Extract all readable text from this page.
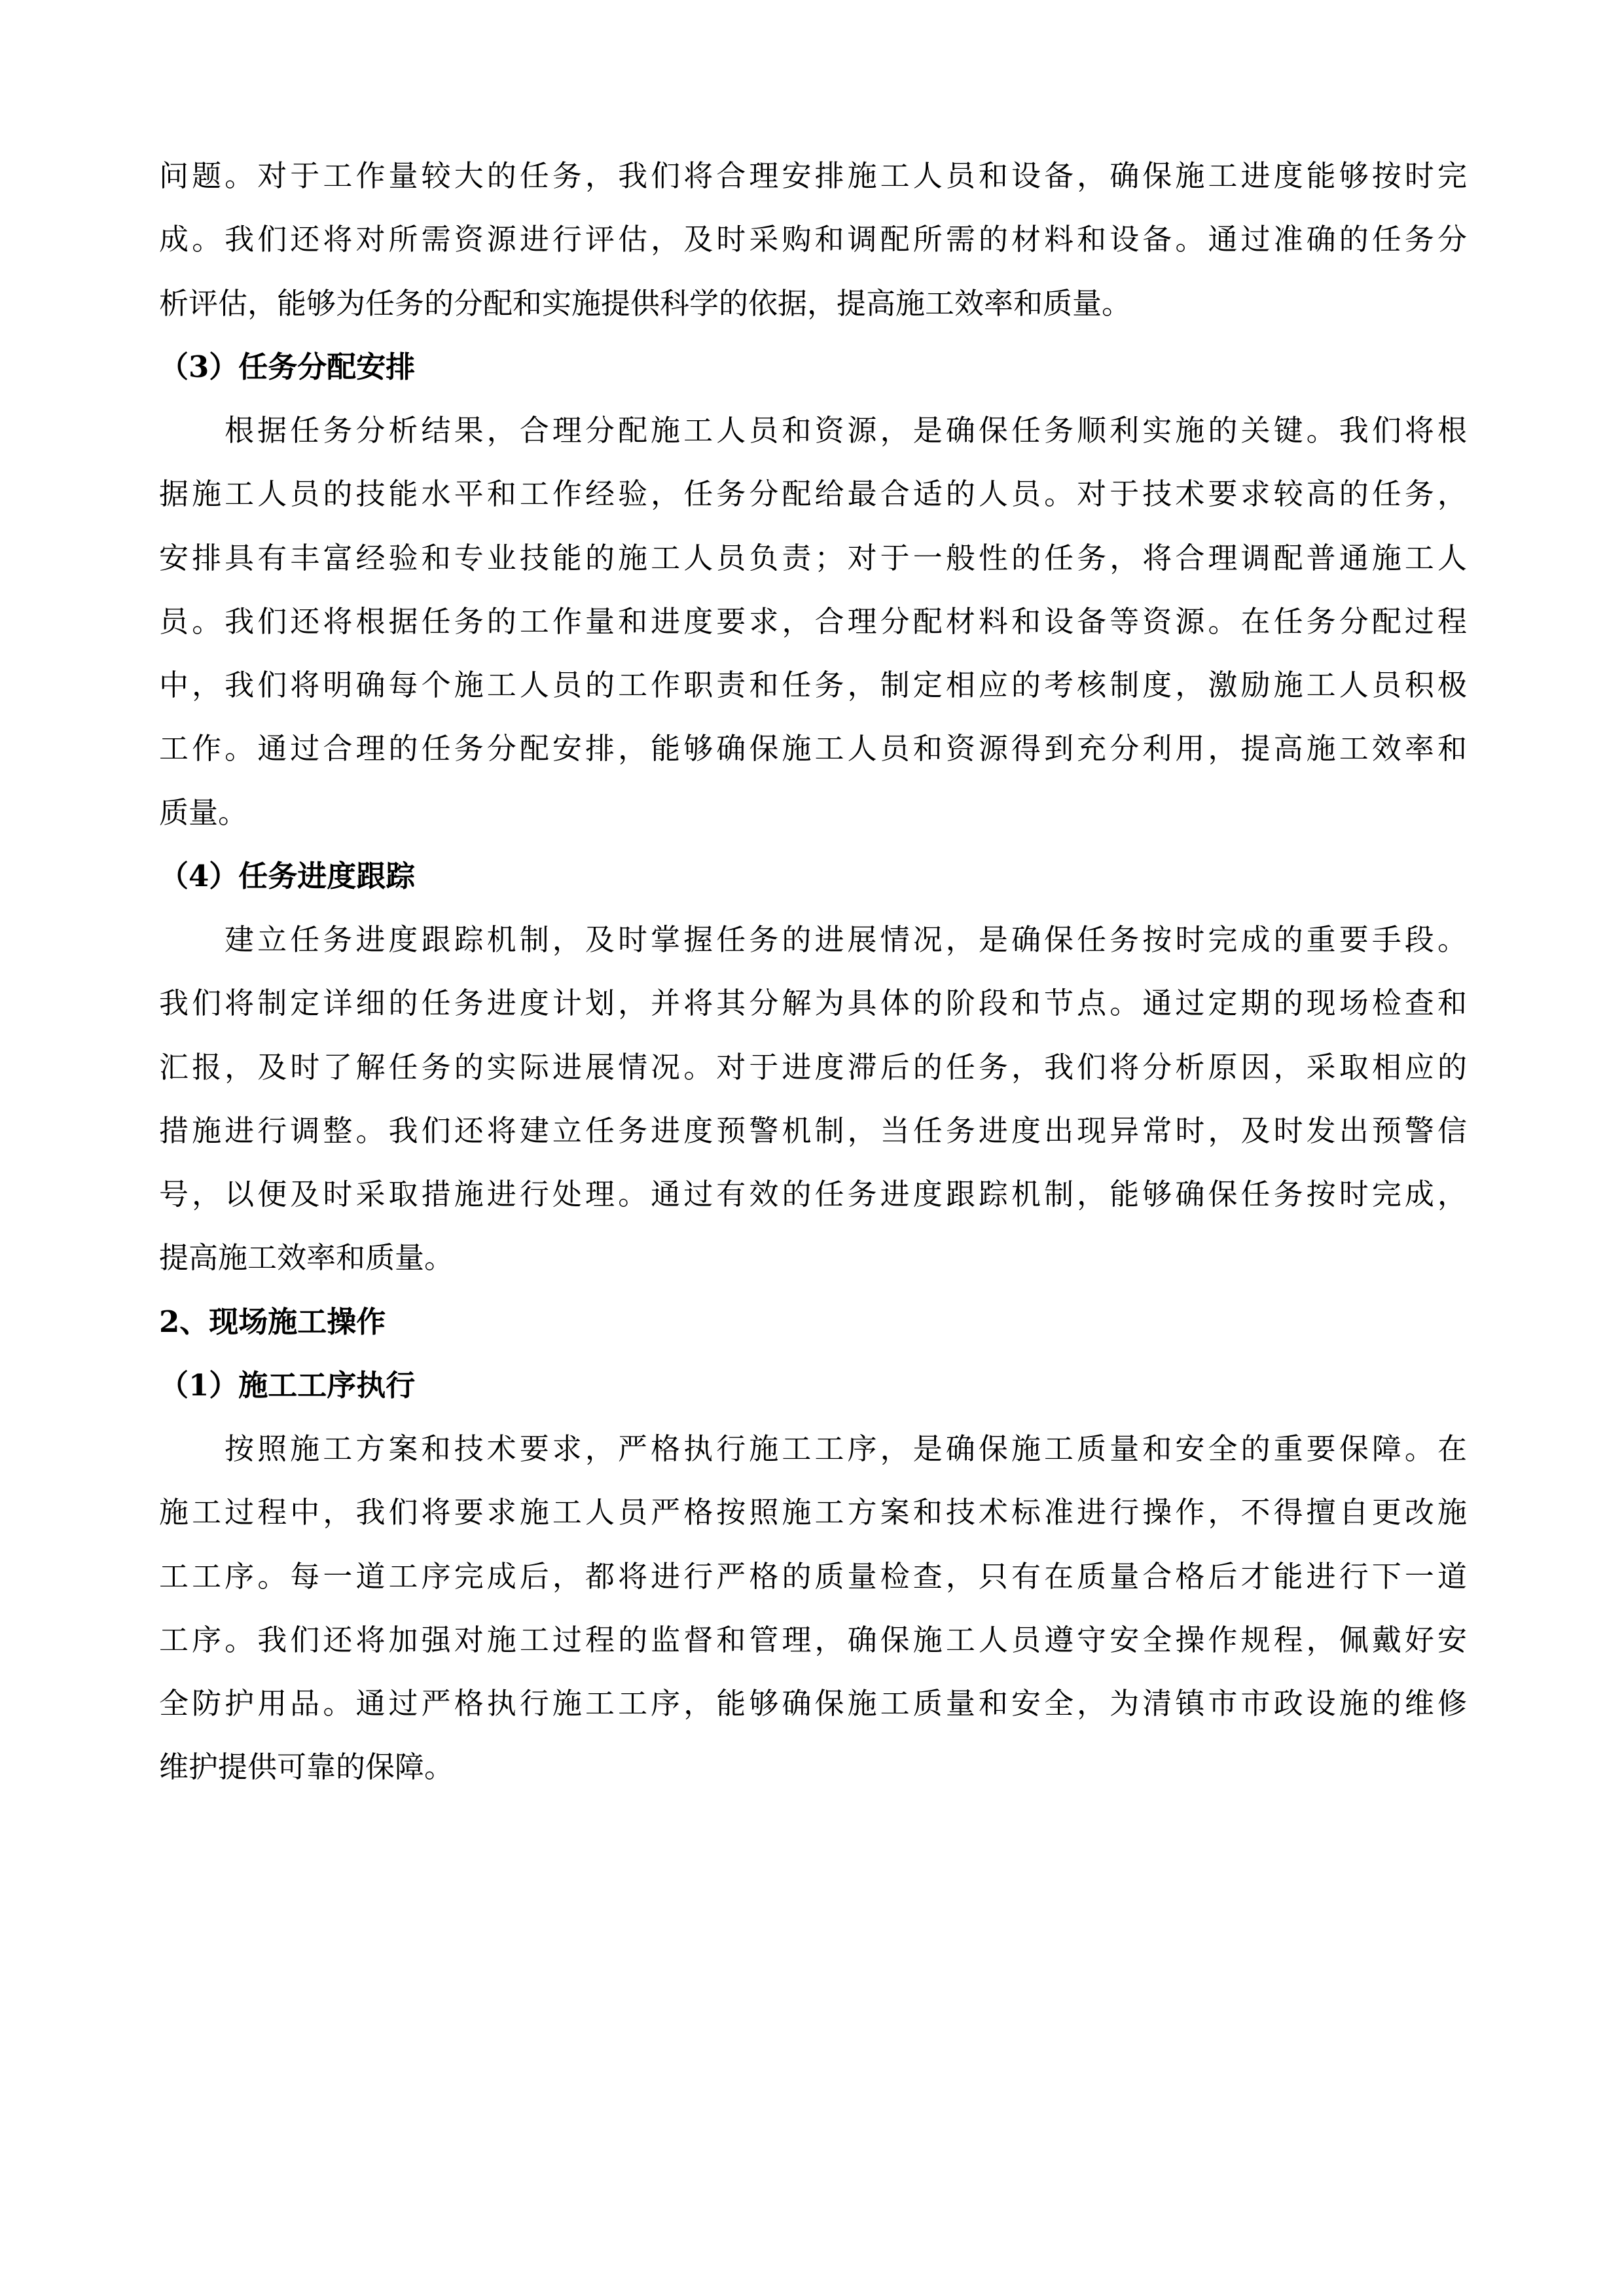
问题。对于工作量较大的任务，我们将合理安排施工人员和设备，确保施工进度能够按时完
成。我们还将对所需资源进行评估，及时采购和调配所需的材料和设备。通过准确的任务分
析评估，能够为任务的分配和实施提供科学的依据，提高施工效率和质量。
（3）任务分配安排
根据任务分析结果，合理分配施工人员和资源，是确保任务顺利实施的关键。我们将根
据施工人员的技能水平和工作经验，任务分配给最合适的人员。对于技术要求较高的任务，
安排具有丰富经验和专业技能的施工人员负责；对于一般性的任务，将合理调配普通施工人
员。我们还将根据任务的工作量和进度要求，合理分配材料和设备等资源。在任务分配过程
中，我们将明确每个施工人员的工作职责和任务，制定相应的考核制度，激励施工人员积极
工作。通过合理的任务分配安排，能够确保施工人员和资源得到充分利用，提高施工效率和
质量。
（4）任务进度跟踪
建立任务进度跟踪机制，及时掌握任务的进展情况，是确保任务按时完成的重要手段。
我们将制定详细的任务进度计划，并将其分解为具体的阶段和节点。通过定期的现场检查和
汇报，及时了解任务的实际进展情况。对于进度滞后的任务，我们将分析原因，采取相应的
措施进行调整。我们还将建立任务进度预警机制，当任务进度出现异常时，及时发出预警信
号，以便及时采取措施进行处理。通过有效的任务进度跟踪机制，能够确保任务按时完成，
提高施工效率和质量。
2、现场施工操作
（1）施工工序执行
按照施工方案和技术要求，严格执行施工工序，是确保施工质量和安全的重要保障。在
施工过程中，我们将要求施工人员严格按照施工方案和技术标准进行操作，不得擅自更改施
工工序。每一道工序完成后，都将进行严格的质量检查，只有在质量合格后才能进行下一道
工序。我们还将加强对施工过程的监督和管理，确保施工人员遵守安全操作规程，佩戴好安
全防护用品。通过严格执行施工工序，能够确保施工质量和安全，为清镇市市政设施的维修
维护提供可靠的保障。
